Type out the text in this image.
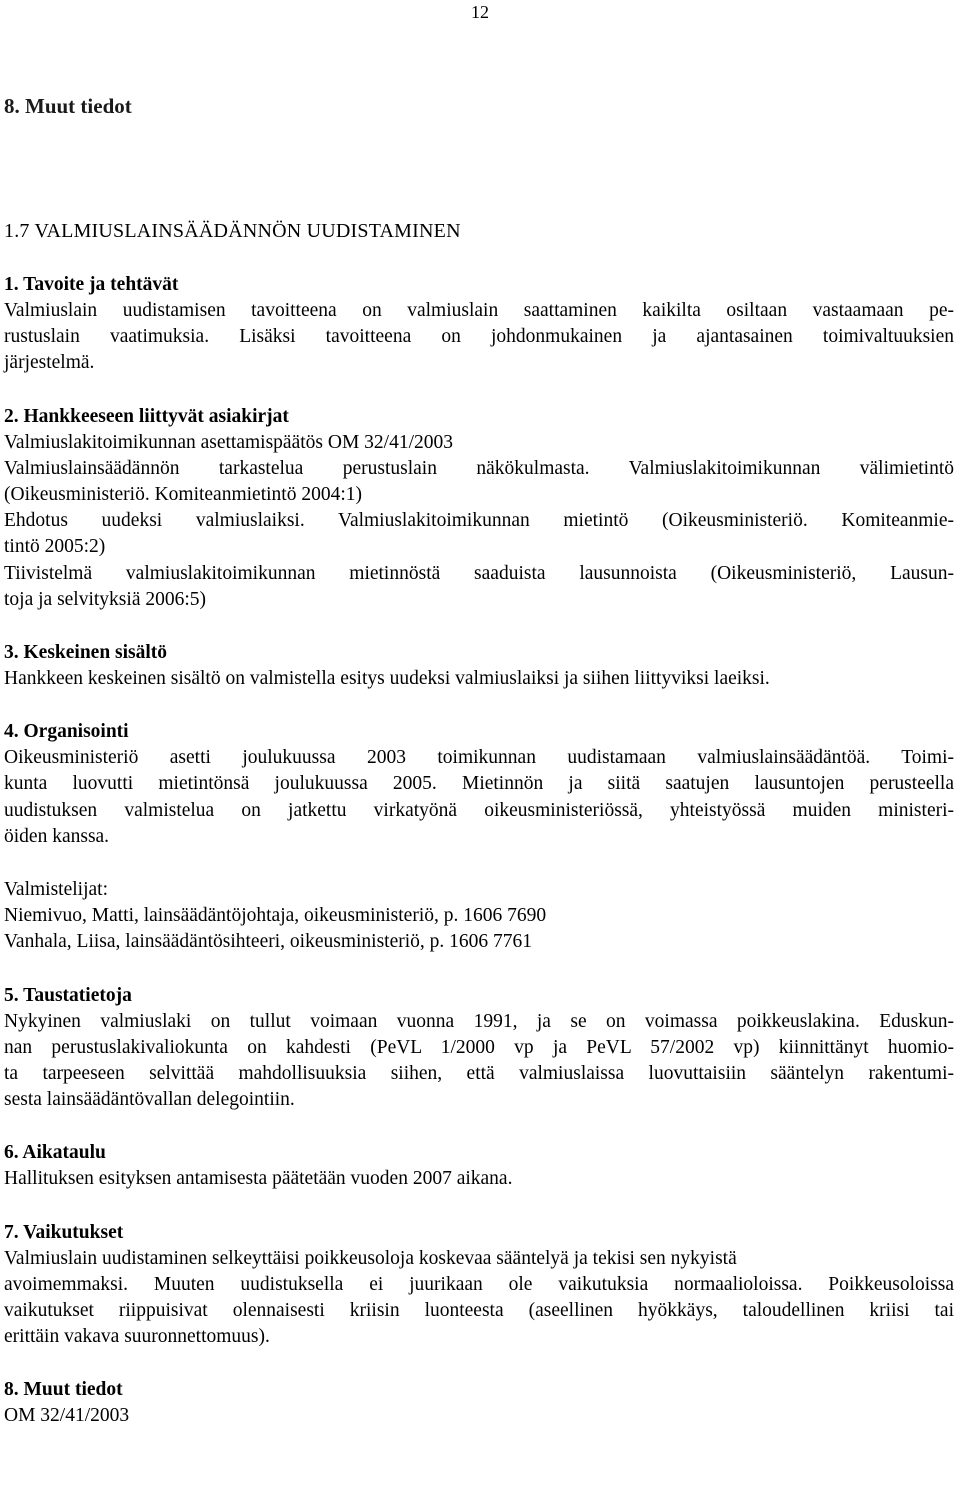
12
8. Muut tiedot
1.7 VALMIUSLAINSÄÄDÄNNÖN UUDISTAMINEN
1. Tavoite ja tehtävät
Valmiuslain uudistamisen tavoitteena on valmiuslain saattaminen kaikilta osiltaan vastaamaan pe-
rustuslain vaatimuksia. Lisäksi tavoitteena on johdonmukainen ja ajantasainen toimivaltuuksien
järjestelmä.
2. Hankkeeseen liittyvät asiakirjat
Valmiuslakitoimikunnan asettamispäätös OM 32/41/2003
Valmiuslainsäädännön tarkastelua perustuslain näkökulmasta. Valmiuslakitoimikunnan välimietintö
(Oikeusministeriö. Komiteanmietintö 2004:1)
Ehdotus uudeksi valmiuslaiksi. Valmiuslakitoimikunnan mietintö (Oikeusministeriö. Komiteanmie-
tintö 2005:2)
Tiivistelmä valmiuslakitoimikunnan mietinnöstä saaduista lausunnoista (Oikeusministeriö, Lausun-
toja ja selvityksiä 2006:5)
3. Keskeinen sisältö
Hankkeen keskeinen sisältö on valmistella esitys uudeksi valmiuslaiksi ja siihen liittyviksi laeiksi.
4. Organisointi
Oikeusministeriö asetti joulukuussa 2003 toimikunnan uudistamaan valmiuslainsäädäntöä. Toimi-
kunta luovutti mietintönsä joulukuussa 2005. Mietinnön ja siitä saatujen lausuntojen perusteella
uudistuksen valmistelua on jatkettu virkatyönä oikeusministeriössä, yhteistyössä muiden ministeri-
öiden kanssa.
Valmistelijat:
Niemivuo, Matti, lainsäädäntöjohtaja, oikeusministeriö, p. 1606 7690
Vanhala, Liisa, lainsäädäntösihteeri, oikeusministeriö, p. 1606 7761
5. Taustatietoja
Nykyinen valmiuslaki on tullut voimaan vuonna 1991, ja se on voimassa poikkeuslakina. Eduskun-
nan perustuslakivaliokunta on kahdesti (PeVL 1/2000 vp ja PeVL 57/2002 vp) kiinnittänyt huomio-
ta tarpeeseen selvittää mahdollisuuksia siihen, että valmiuslaissa luovuttaisiin sääntelyn rakentumi-
sesta lainsäädäntövallan delegointiin.
6. Aikataulu
Hallituksen esityksen antamisesta päätetään vuoden 2007 aikana.
7. Vaikutukset
Valmiuslain uudistaminen selkeyttäisi poikkeusoloja koskevaa sääntelyä ja tekisi sen nykyistä
avoimemmaksi. Muuten uudistuksella ei juurikaan ole vaikutuksia normaalioloissa. Poikkeusoloissa
vaikutukset riippuisivat olennaisesti kriisin luonteesta (aseellinen hyökkäys, taloudellinen kriisi tai
erittäin vakava suuronnettomuus).
8. Muut tiedot
OM 32/41/2003
